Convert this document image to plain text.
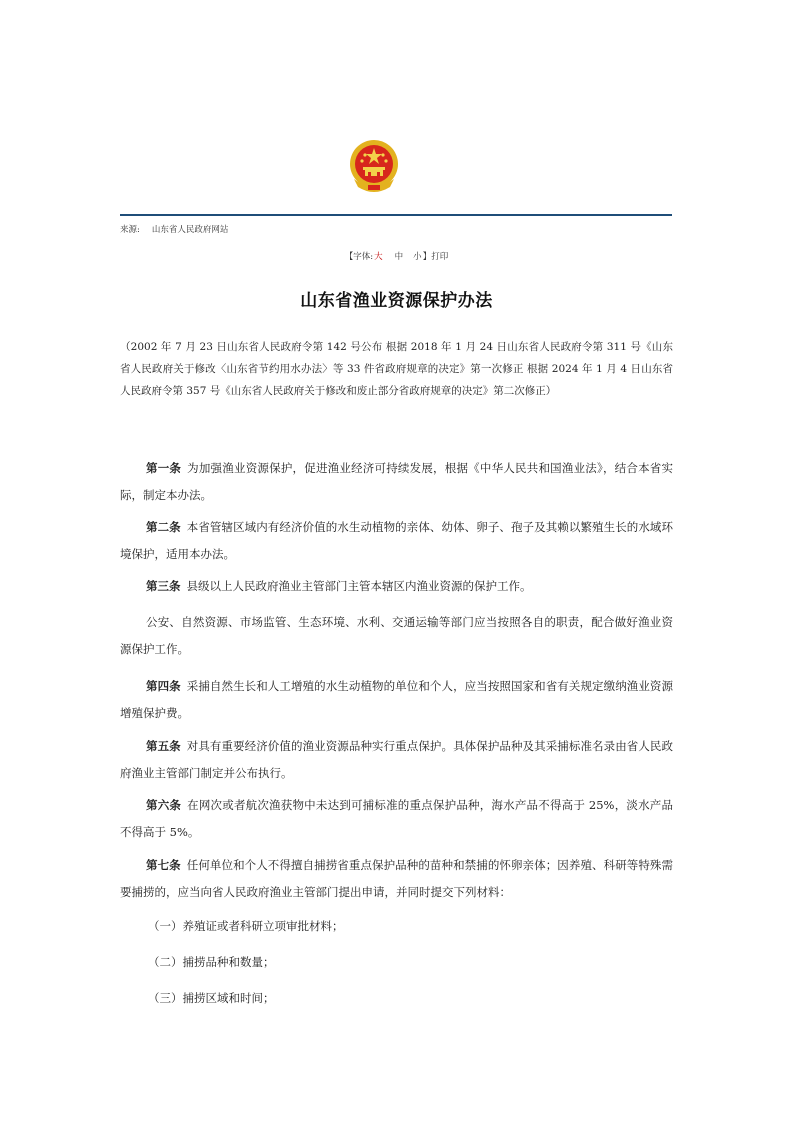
来源: 山东省人民政府网站
【字体:大 中 小】打印
山东省渔业资源保护办法
（2002 年 7 月 23 日山东省人民政府令第 142 号公布 根据 2018 年 1 月 24 日山东省人民政府令第 311 号《山东省人民政府关于修改〈山东省节约用水办法〉等 33 件省政府规章的决定》第一次修正 根据 2024 年 1 月 4 日山东省人民政府令第 357 号《山东省人民政府关于修改和废止部分省政府规章的决定》第二次修正）
第一条 为加强渔业资源保护，促进渔业经济可持续发展，根据《中华人民共和国渔业法》，结合本省实际，制定本办法。
第二条 本省管辖区域内有经济价值的水生动植物的亲体、幼体、卵子、孢子及其赖以繁殖生长的水域环境保护，适用本办法。
第三条 县级以上人民政府渔业主管部门主管本辖区内渔业资源的保护工作。
公安、自然资源、市场监管、生态环境、水利、交通运输等部门应当按照各自的职责，配合做好渔业资源保护工作。
第四条 采捕自然生长和人工增殖的水生动植物的单位和个人，应当按照国家和省有关规定缴纳渔业资源增殖保护费。
第五条 对具有重要经济价值的渔业资源品种实行重点保护。具体保护品种及其采捕标准名录由省人民政府渔业主管部门制定并公布执行。
第六条 在网次或者航次渔获物中未达到可捕标准的重点保护品种，海水产品不得高于 25%，淡水产品不得高于 5%。
第七条 任何单位和个人不得擅自捕捞省重点保护品种的苗种和禁捕的怀卵亲体；因养殖、科研等特殊需要捕捞的，应当向省人民政府渔业主管部门提出申请，并同时提交下列材料：
（一）养殖证或者科研立项审批材料；
（二）捕捞品种和数量；
（三）捕捞区域和时间；
